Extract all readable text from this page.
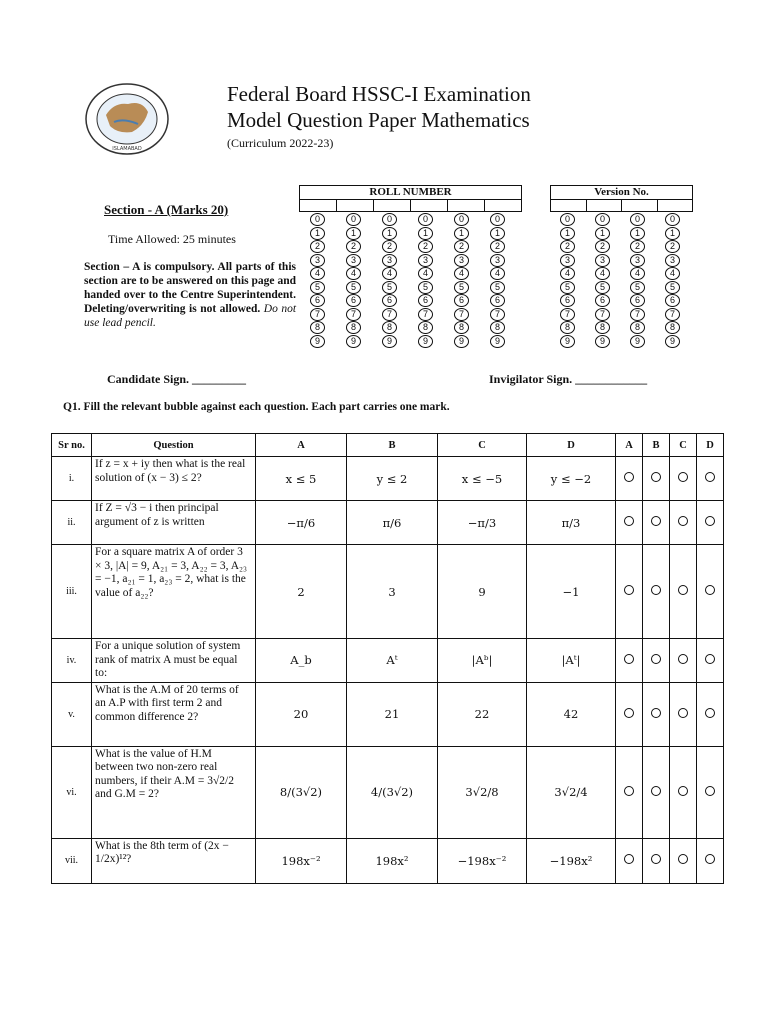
ISLAMABAD
Federal Board HSSC-I Examination
Model Question Paper Mathematics
(Curriculum 2022-23)
Section - A (Marks 20)
Time Allowed: 25 minutes
Section – A is compulsory. All parts of this section are to be answered on this page and handed over to the Centre Superintendent. Deleting/overwriting is not allowed. Do not use lead pencil.
ROLL NUMBER
0
1
2
3
4
5
6
7
8
9
0
1
2
3
4
5
6
7
8
9
0
1
2
3
4
5
6
7
8
9
0
1
2
3
4
5
6
7
8
9
0
1
2
3
4
5
6
7
8
9
0
1
2
3
4
5
6
7
8
9
Version No.
0
1
2
3
4
5
6
7
8
9
0
1
2
3
4
5
6
7
8
9
0
1
2
3
4
5
6
7
8
9
0
1
2
3
4
5
6
7
8
9
Candidate Sign. _________	Invigilator Sign. ____________
Q1. Fill the relevant bubble against each question. Each part carries one mark.
Sr no.	Question	A	B	C	D	A	B	C	D
i.	If z = x + iy then what is the real solution of (x − 3) ≤ 2?	x ≤ 5	y ≤ 2	x ≤ −5	y ≤ −2				
ii.	If Z = √3 − i then principal argument of z is written	−π/6	π/6	−π/3	π/3				
iii.	For a square matrix A of order 3 × 3, |A| = 9, A₂₁ = 3, A₂₂ = 3, A₂₃ = −1, a₂₁ = 1, a₂₃ = 2, what is the value of a₂₂?	2	3	9	−1				
iv.	For a unique solution of system rank of matrix A must be equal to:	A_b	Aᵗ	|Aᵇ|	|Aᵗ|				
v.	What is the A.M of 20 terms of an A.P with first term 2 and common difference 2?	20	21	22	42				
vi.	What is the value of H.M between two non-zero real numbers, if their A.M = 3√2/2 and G.M = 2?	8/(3√2)	4/(3√2)	3√2/8	3√2/4				
vii.	What is the 8th term of (2x − 1/2x)¹²?	198x⁻²	198x²	−198x⁻²	−198x²				
